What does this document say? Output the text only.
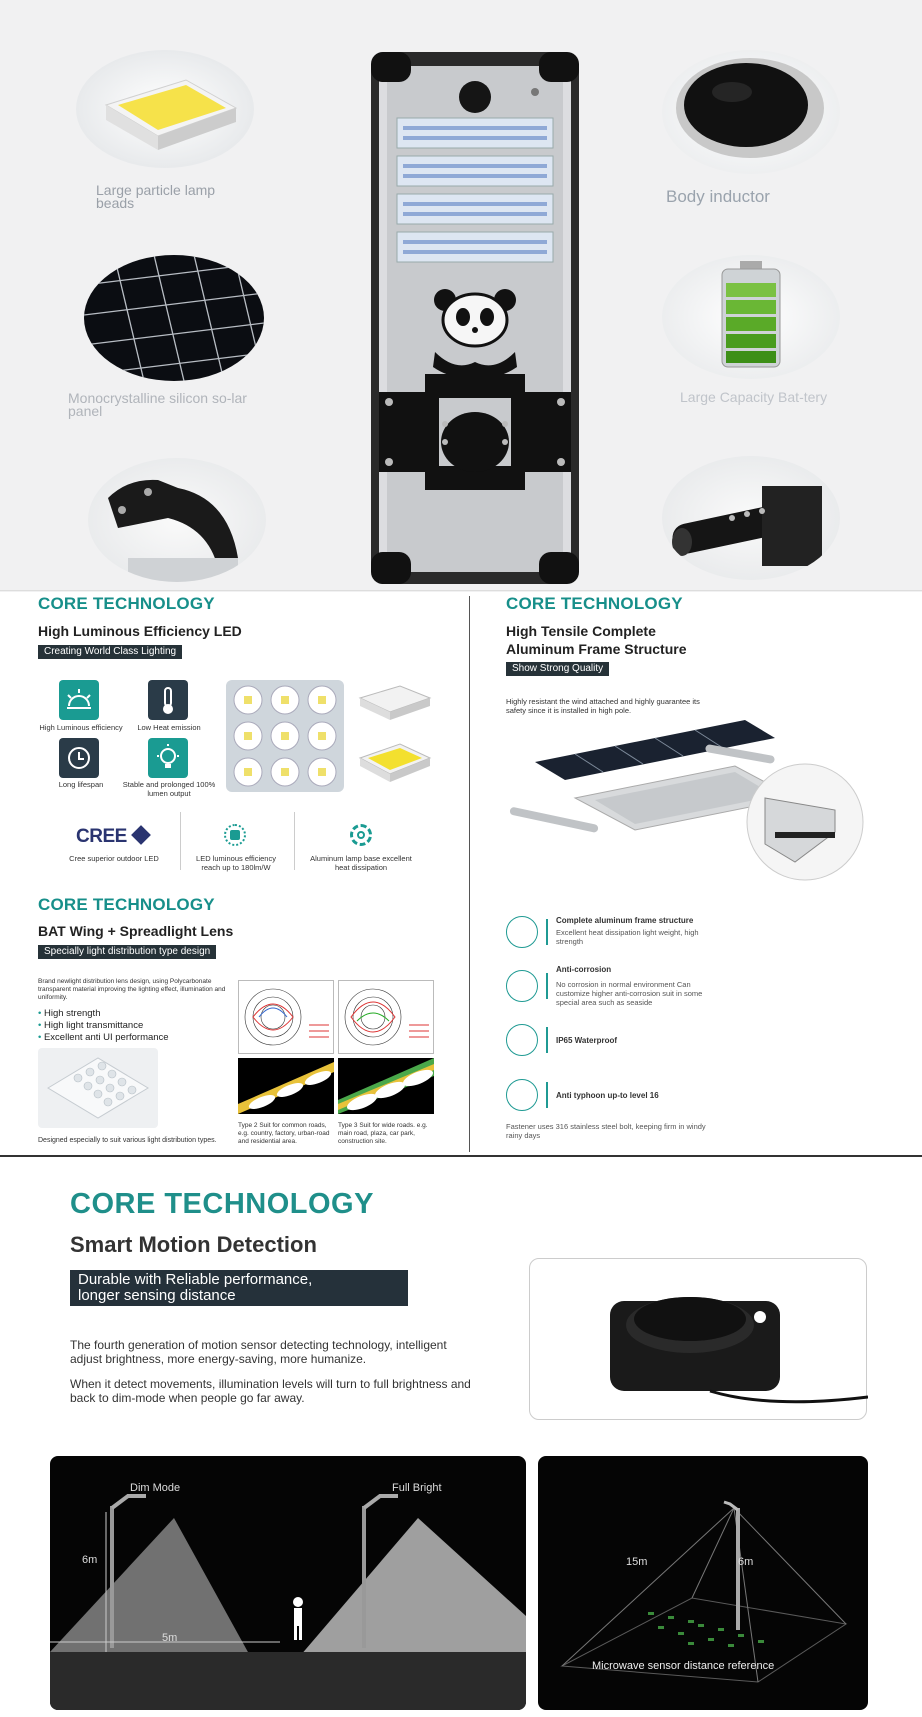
Large particle lamp beads	Body inductor
Monocrystalline silicon so-lar panel
Large Capacity Bat-tery
CORE TECHNOLOGY
High Luminous Efficiency LED
Creating World Class Lighting
High Luminous efficiency	Low Heat emission
Long lifespan	Stable and prolonged 100% lumen output
CREE
Cree superior outdoor LED	LED luminous efficiency reach up to 180lm/W
Aluminum lamp base excellent heat dissipation
CORE TECHNOLOGY
High Tensile Complete
Aluminum Frame Structure
Show Strong Quality
Highly resistant the wind attached and highly guarantee its safety since it is installed in high pole.
Complete aluminum frame structure
Excellent heat dissipation light weight, high strength
Anti-corrosion
No corrosion in normal environment Can customize higher anti-corrosion suit in some special area such as seaside
IP65 Waterproof
Anti typhoon up-to level 16
Fastener uses 316 stainless steel bolt, keeping firm in windy rainy days
CORE TECHNOLOGY
BAT Wing + Spreadlight Lens
Specially light distribution type design
Brand newlight distribution lens design, using Polycarbonate transparent material improving the lighting effect, illumination and uniformity.
• High strength
• High light transmittance
• Excellent anti UI performance
Designed especially to suit various light distribution types.
Type 2 Suit for common roads, e.g. country, factory, urban-road and residential area.
Type 3 Suit for wide roads. e.g. main road, plaza, car park, construction site.
CORE TECHNOLOGY
Smart Motion Detection
Durable with Reliable performance,
longer sensing distance
The fourth generation of motion sensor detecting technology, intelligent adjust brightness, more energy-saving, more humanize.
When it detect movements, illumination levels will turn to full brightness and back to dim-mode when people go far away.
Dim Mode	Full Bright
6m
5m
15m	6m
Microwave sensor distance reference
